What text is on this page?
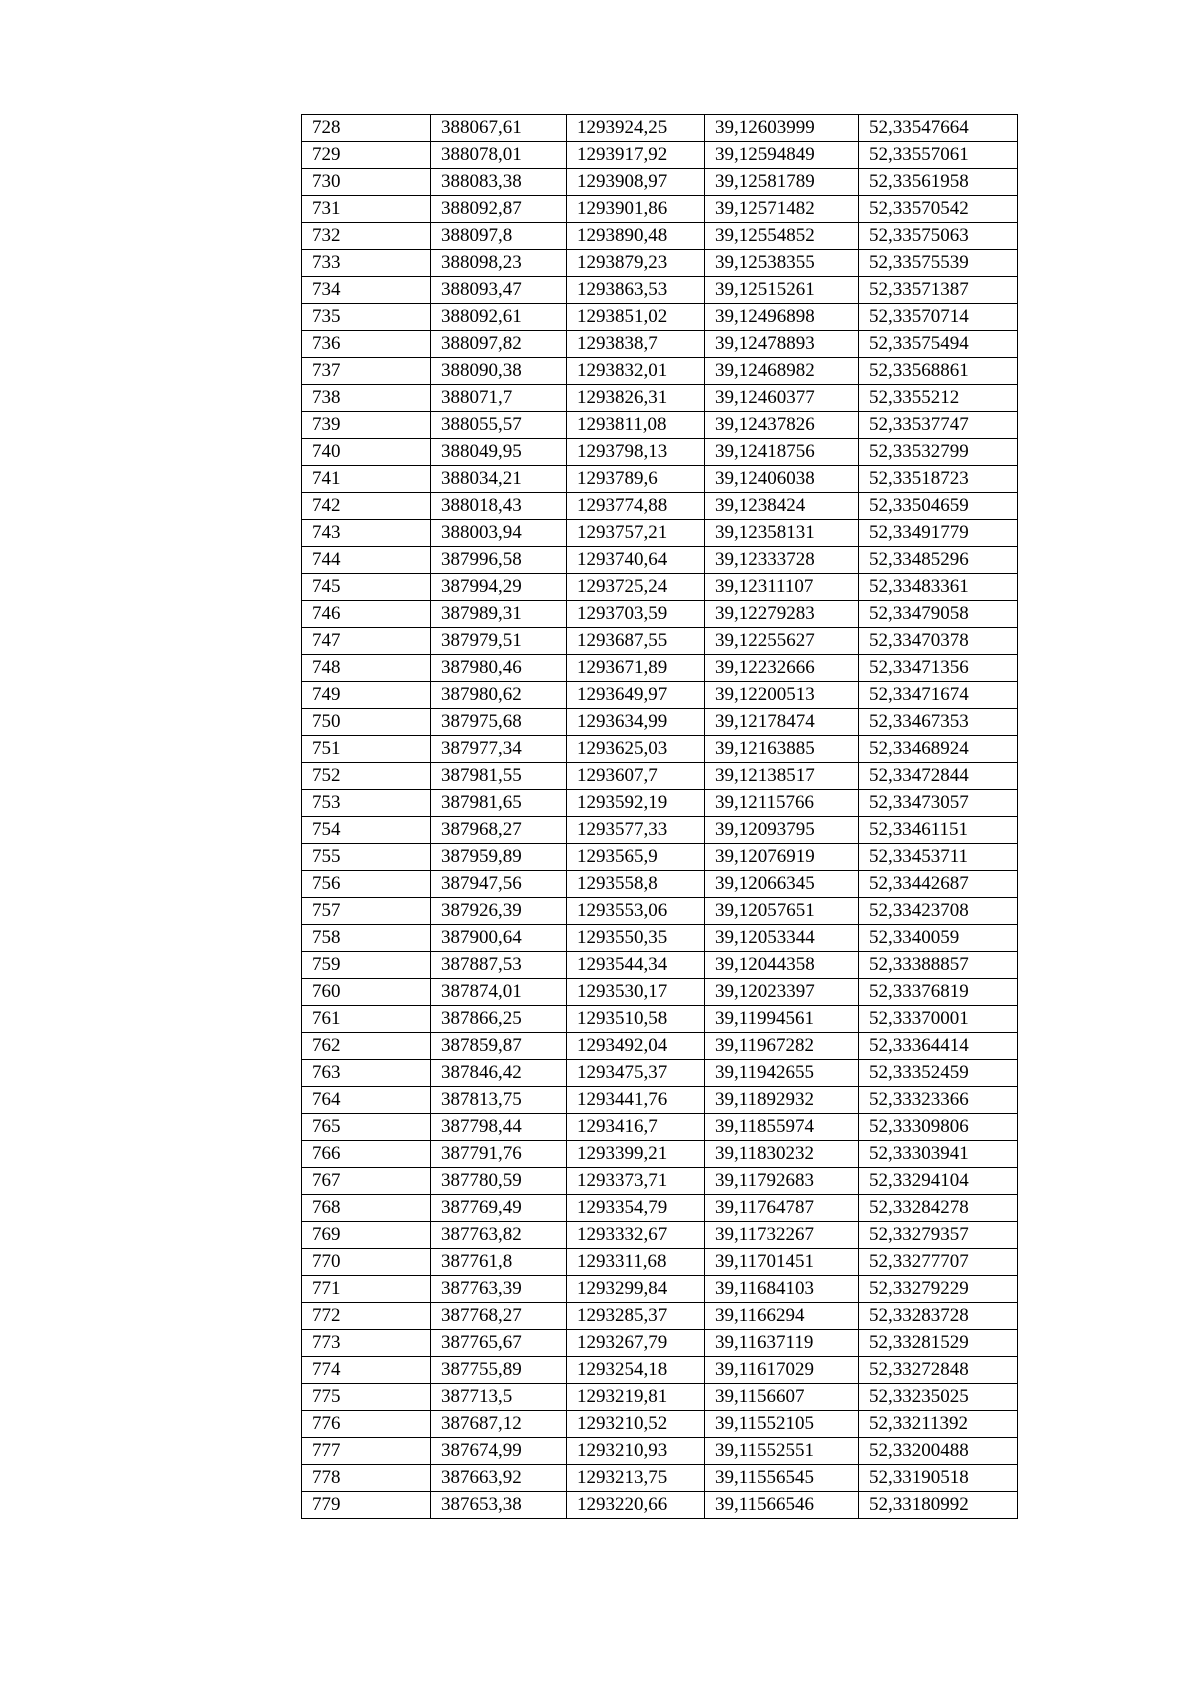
728	388067,61	1293924,25	39,12603999	52,33547664
729	388078,01	1293917,92	39,12594849	52,33557061
730	388083,38	1293908,97	39,12581789	52,33561958
731	388092,87	1293901,86	39,12571482	52,33570542
732	388097,8	1293890,48	39,12554852	52,33575063
733	388098,23	1293879,23	39,12538355	52,33575539
734	388093,47	1293863,53	39,12515261	52,33571387
735	388092,61	1293851,02	39,12496898	52,33570714
736	388097,82	1293838,7	39,12478893	52,33575494
737	388090,38	1293832,01	39,12468982	52,33568861
738	388071,7	1293826,31	39,12460377	52,3355212
739	388055,57	1293811,08	39,12437826	52,33537747
740	388049,95	1293798,13	39,12418756	52,33532799
741	388034,21	1293789,6	39,12406038	52,33518723
742	388018,43	1293774,88	39,1238424	52,33504659
743	388003,94	1293757,21	39,12358131	52,33491779
744	387996,58	1293740,64	39,12333728	52,33485296
745	387994,29	1293725,24	39,12311107	52,33483361
746	387989,31	1293703,59	39,12279283	52,33479058
747	387979,51	1293687,55	39,12255627	52,33470378
748	387980,46	1293671,89	39,12232666	52,33471356
749	387980,62	1293649,97	39,12200513	52,33471674
750	387975,68	1293634,99	39,12178474	52,33467353
751	387977,34	1293625,03	39,12163885	52,33468924
752	387981,55	1293607,7	39,12138517	52,33472844
753	387981,65	1293592,19	39,12115766	52,33473057
754	387968,27	1293577,33	39,12093795	52,33461151
755	387959,89	1293565,9	39,12076919	52,33453711
756	387947,56	1293558,8	39,12066345	52,33442687
757	387926,39	1293553,06	39,12057651	52,33423708
758	387900,64	1293550,35	39,12053344	52,3340059
759	387887,53	1293544,34	39,12044358	52,33388857
760	387874,01	1293530,17	39,12023397	52,33376819
761	387866,25	1293510,58	39,11994561	52,33370001
762	387859,87	1293492,04	39,11967282	52,33364414
763	387846,42	1293475,37	39,11942655	52,33352459
764	387813,75	1293441,76	39,11892932	52,33323366
765	387798,44	1293416,7	39,11855974	52,33309806
766	387791,76	1293399,21	39,11830232	52,33303941
767	387780,59	1293373,71	39,11792683	52,33294104
768	387769,49	1293354,79	39,11764787	52,33284278
769	387763,82	1293332,67	39,11732267	52,33279357
770	387761,8	1293311,68	39,11701451	52,33277707
771	387763,39	1293299,84	39,11684103	52,33279229
772	387768,27	1293285,37	39,1166294	52,33283728
773	387765,67	1293267,79	39,11637119	52,33281529
774	387755,89	1293254,18	39,11617029	52,33272848
775	387713,5	1293219,81	39,1156607	52,33235025
776	387687,12	1293210,52	39,11552105	52,33211392
777	387674,99	1293210,93	39,11552551	52,33200488
778	387663,92	1293213,75	39,11556545	52,33190518
779	387653,38	1293220,66	39,11566546	52,33180992
